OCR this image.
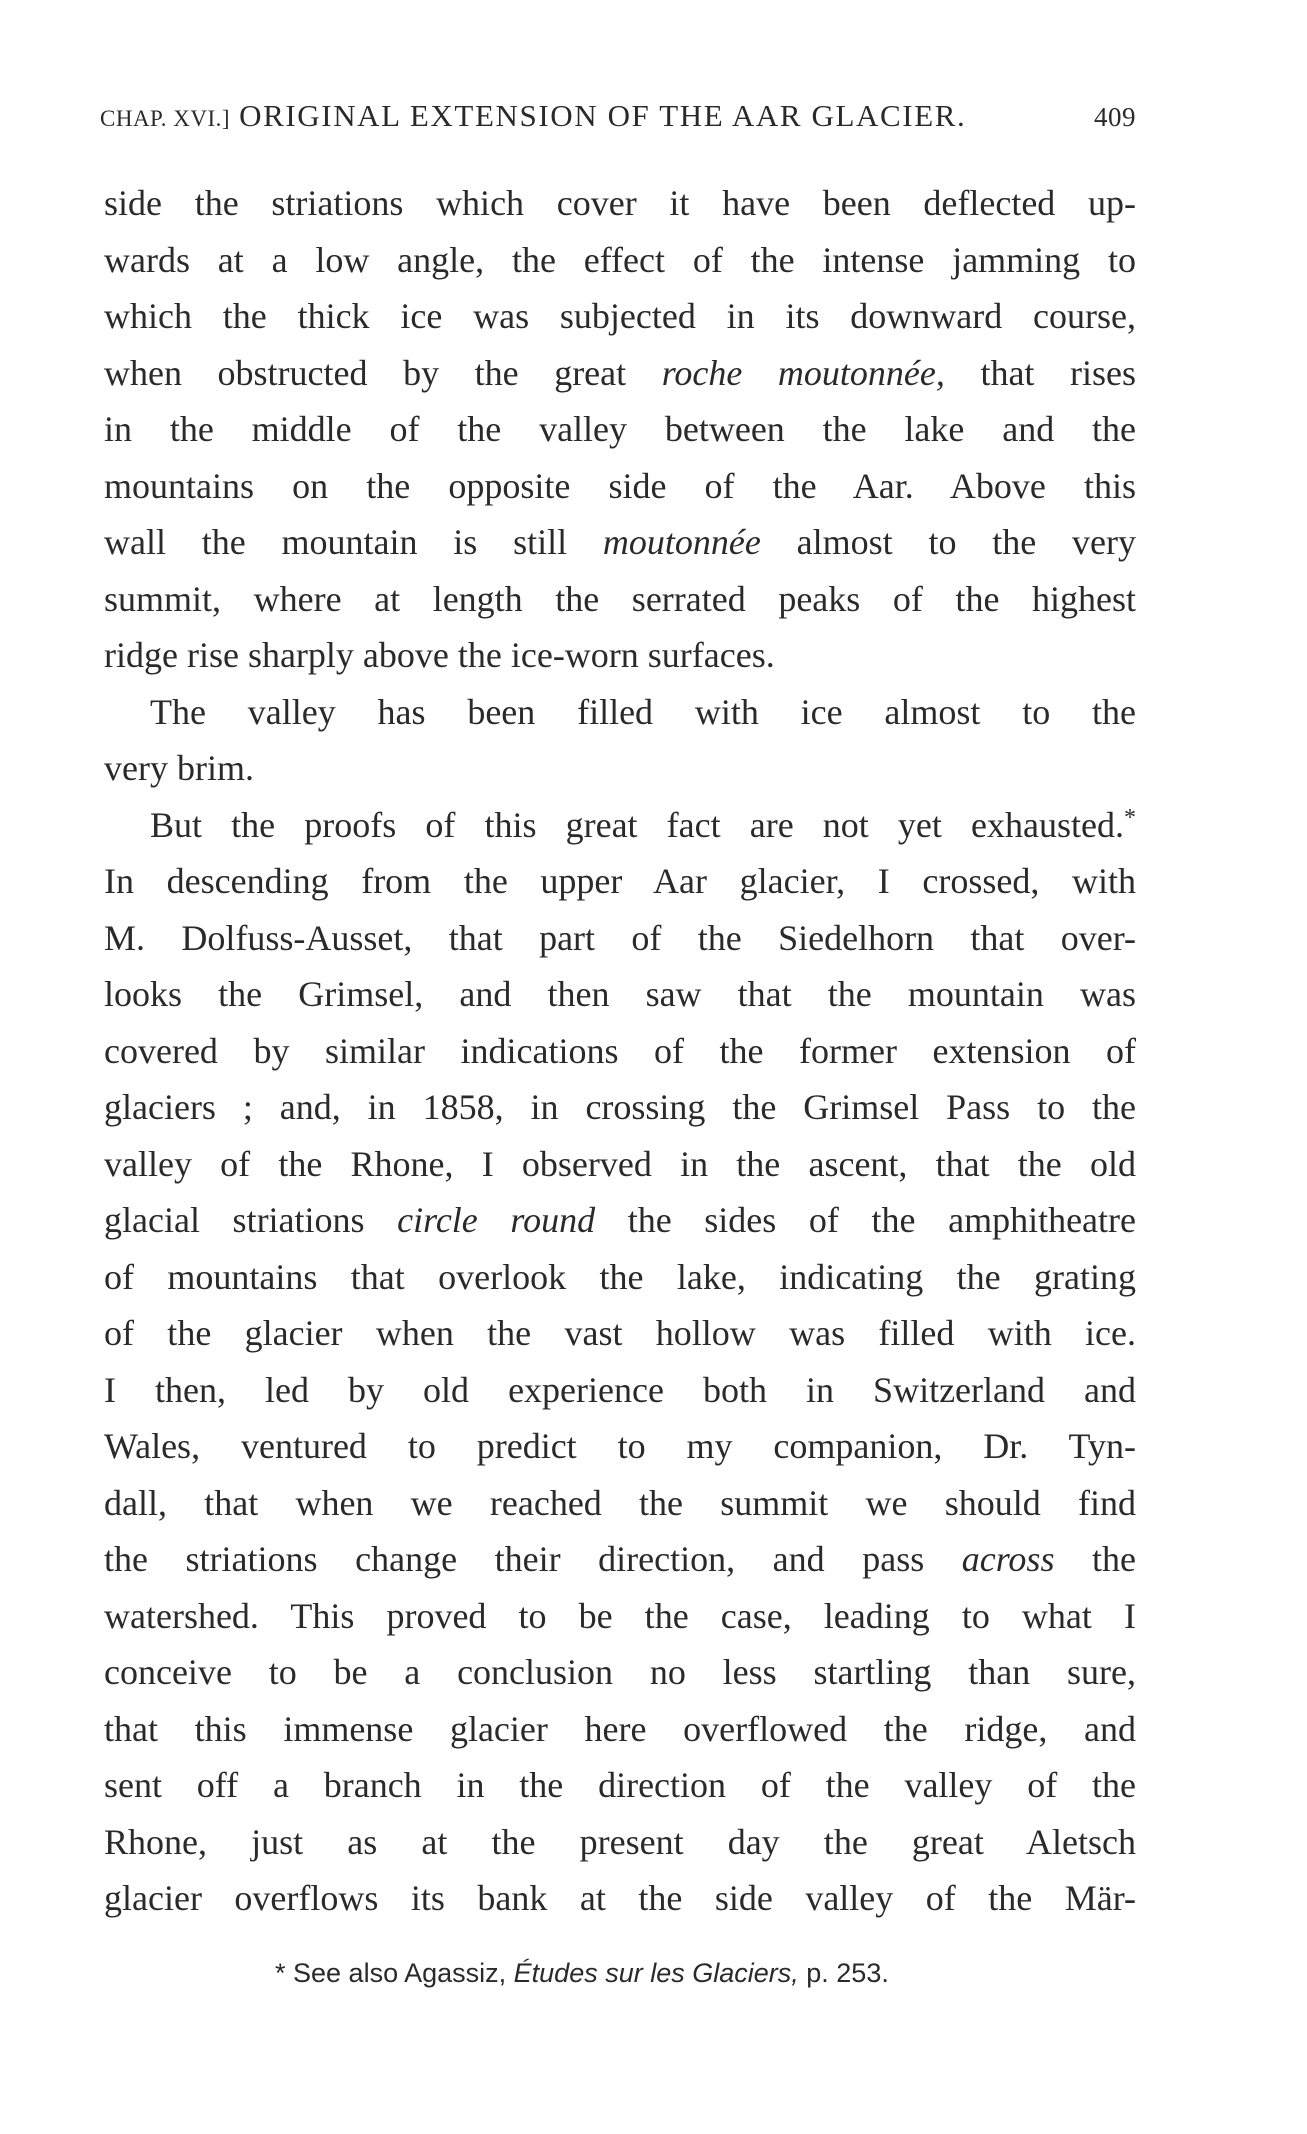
CHAP. XVI.] ORIGINAL EXTENSION OF THE AAR GLACIER.	409
side the striations which cover it have been deflected up-
wards at a low angle, the effect of the intense jamming to
which the thick ice was subjected in its downward course,
when obstructed by the great roche moutonnée, that rises
in the middle of the valley between the lake and the
mountains on the opposite side of the Aar. Above this
wall the mountain is still moutonnée almost to the very
summit, where at length the serrated peaks of the highest
ridge rise sharply above the ice-worn surfaces.
The valley has been filled with ice almost to the
very brim.
But the proofs of this great fact are not yet exhausted.*
In descending from the upper Aar glacier, I crossed, with
M. Dolfuss-Ausset, that part of the Siedelhorn that over-
looks the Grimsel, and then saw that the mountain was
covered by similar indications of the former extension of
glaciers ; and, in 1858, in crossing the Grimsel Pass to the
valley of the Rhone, I observed in the ascent, that the old
glacial striations circle round the sides of the amphitheatre
of mountains that overlook the lake, indicating the grating
of the glacier when the vast hollow was filled with ice.
I then, led by old experience both in Switzerland and
Wales, ventured to predict to my companion, Dr. Tyn-
dall, that when we reached the summit we should find
the striations change their direction, and pass across the
watershed. This proved to be the case, leading to what I
conceive to be a conclusion no less startling than sure,
that this immense glacier here overflowed the ridge, and
sent off a branch in the direction of the valley of the
Rhone, just as at the present day the great Aletsch
glacier overflows its bank at the side valley of the Mär-
* See also Agassiz, Études sur les Glaciers, p. 253.
